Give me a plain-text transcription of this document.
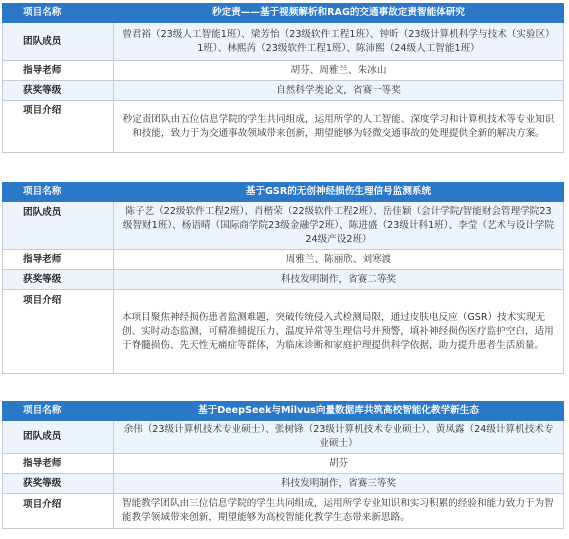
项目名称	秒定责——基于视频解析和RAG的交通事故定责智能体研究
团队成员	曾君裕（23级人工智能1班）、梁芳怡（23级软件工程1班）、钟昕（23级计算机科学与技术（实验区）1班）、林熙芮（23级软件工程1班）、陈沛熙（24级人工智能1班）
指导老师	胡芬、周雅兰、朱冰山
获奖等级	自然科学类论文，省赛一等奖
项目介绍	秒定责团队由五位信息学院的学生共同组成，运用所学的人工智能、深度学习和计算机技术等专业知识和技能，致力于为交通事故领域带来创新，期望能够为轻微交通事故的处理提供全新的解决方案。
项目名称	基于GSR的无创神经损伤生理信号监测系统
团队成员	陈子艺（22级软件工程2班）、肖楷荣（22级软件工程2班）、岳佳颖（会计学院/智能财会管理学院23级智财1班）、杨语晴（国际商学院23级金融学2班）、陈进盛（23级计科1班）、李莹（艺术与设计学院24级产设2班）
指导老师	周雅兰、陈丽欣、刘寒渡
获奖等级	科技发明制作，省赛二等奖
项目介绍	本项目聚焦神经损伤患者监测难题，突破传统侵入式检测局限，通过皮肤电反应（GSR）技术实现无创、实时动态监测，可精准捕捉压力、温度异常等生理信号并预警，填补神经损伤医疗监护空白，适用于脊髓损伤、先天性无痛症等群体，为临床诊断和家庭护理提供科学依据，助力提升患者生活质量。
项目名称	基于DeepSeek与Milvus向量数据库共筑高校智能化教学新生态
团队成员	余伟（23级计算机技术专业硕士）、张树锋（23级计算机技术专业硕士）、黄凤露（24级计算机技术专业硕士）
指导老师	胡芬
获奖等级	科技发明制作，省赛三等奖
项目介绍	智能教学团队由三位信息学院的学生共同组成，运用所学专业知识和实习积累的经验和能力致力于为智能教学领域带来创新，期望能够为高校智能化教学生态带来新思路。
